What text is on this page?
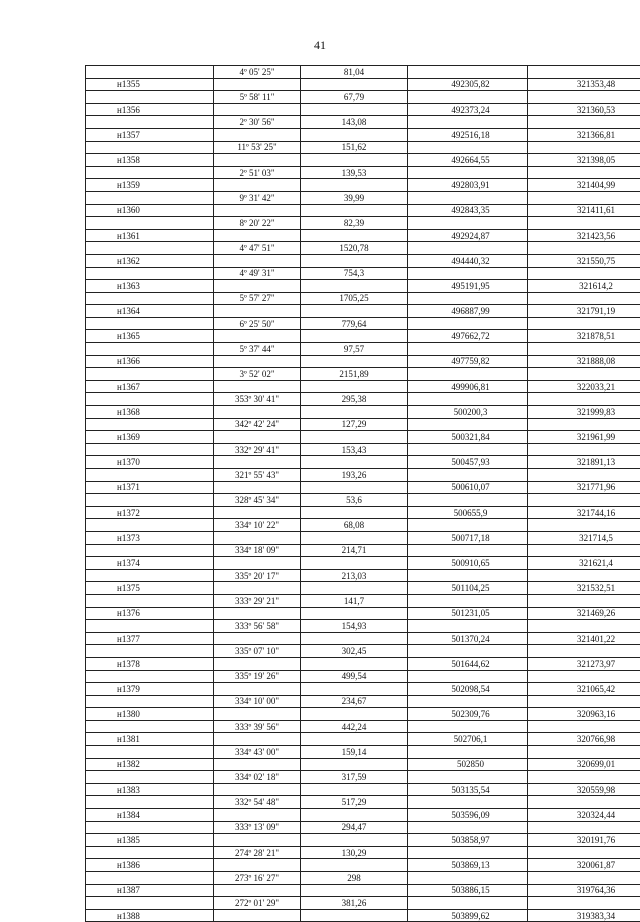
41
	4º 05' 25"	81,04		
н1355			492305,82	321353,48
	5º 58' 11"	67,79		
н1356			492373,24	321360,53
	2º 30' 56"	143,08		
н1357			492516,18	321366,81
	11º 53' 25"	151,62		
н1358			492664,55	321398,05
	2º 51' 03"	139,53		
н1359			492803,91	321404,99
	9º 31' 42"	39,99		
н1360			492843,35	321411,61
	8º 20' 22"	82,39		
н1361			492924,87	321423,56
	4º 47' 51"	1520,78		
н1362			494440,32	321550,75
	4º 49' 31"	754,3		
н1363			495191,95	321614,2
	5º 57' 27"	1705,25		
н1364			496887,99	321791,19
	6º 25' 50"	779,64		
н1365			497662,72	321878,51
	5º 37' 44"	97,57		
н1366			497759,82	321888,08
	3º 52' 02"	2151,89		
н1367			499906,81	322033,21
	353º 30' 41"	295,38		
н1368			500200,3	321999,83
	342º 42' 24"	127,29		
н1369			500321,84	321961,99
	332º 29' 41"	153,43		
н1370			500457,93	321891,13
	321º 55' 43"	193,26		
н1371			500610,07	321771,96
	328º 45' 34"	53,6		
н1372			500655,9	321744,16
	334º 10' 22"	68,08		
н1373			500717,18	321714,5
	334º 18' 09"	214,71		
н1374			500910,65	321621,4
	335º 20' 17"	213,03		
н1375			501104,25	321532,51
	333º 29' 21"	141,7		
н1376			501231,05	321469,26
	333º 56' 58"	154,93		
н1377			501370,24	321401,22
	335º 07' 10"	302,45		
н1378			501644,62	321273,97
	335º 19' 26"	499,54		
н1379			502098,54	321065,42
	334º 10' 00"	234,67		
н1380			502309,76	320963,16
	333º 39' 56"	442,24		
н1381			502706,1	320766,98
	334º 43' 00"	159,14		
н1382			502850	320699,01
	334º 02' 18"	317,59		
н1383			503135,54	320559,98
	332º 54' 48"	517,29		
н1384			503596,09	320324,44
	333º 13' 09"	294,47		
н1385			503858,97	320191,76
	274º 28' 21"	130,29		
н1386			503869,13	320061,87
	273º 16' 27"	298		
н1387			503886,15	319764,36
	272º 01' 29"	381,26		
н1388			503899,62	319383,34
